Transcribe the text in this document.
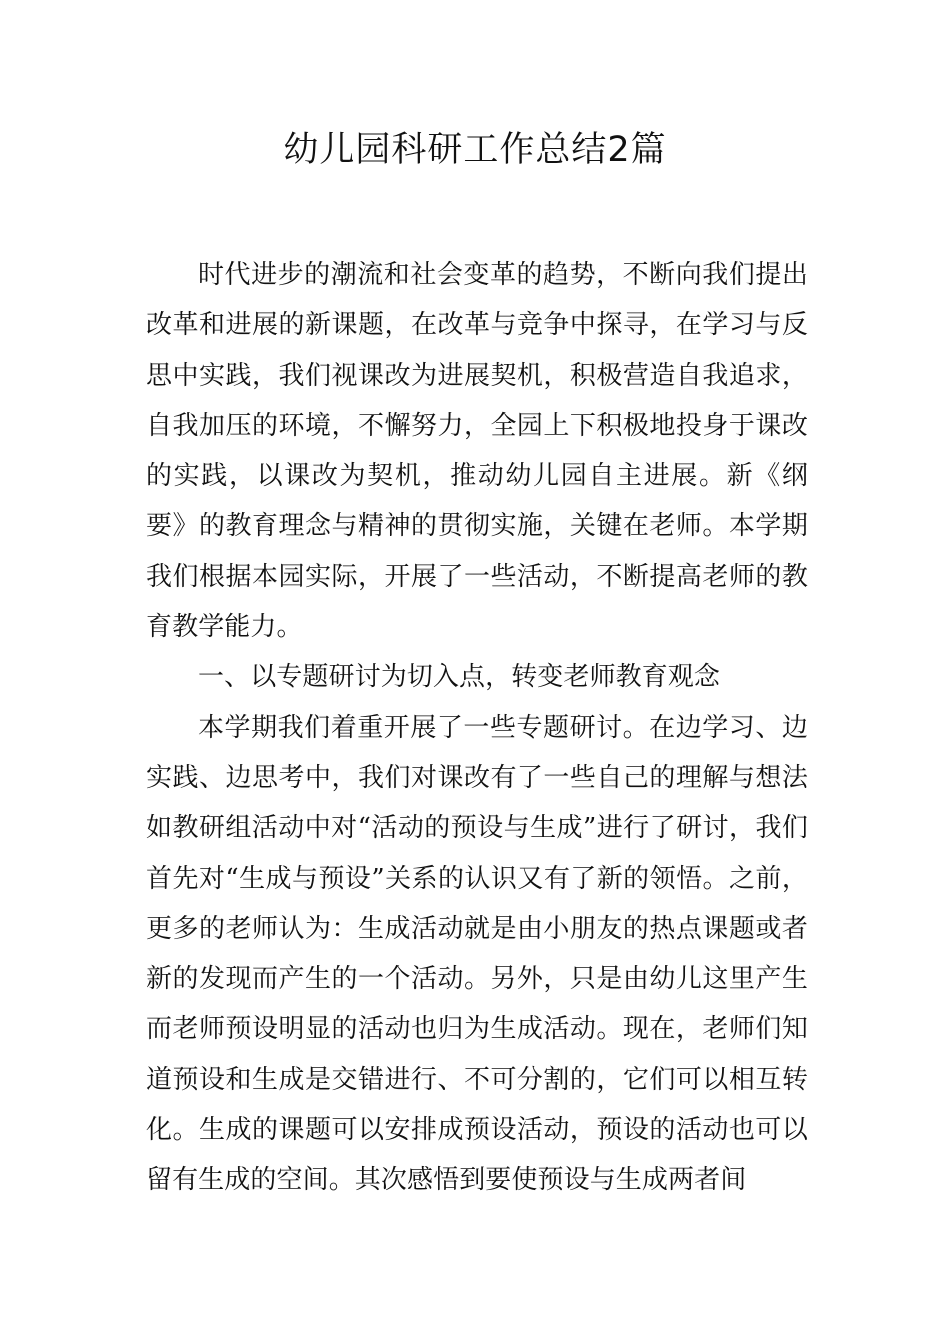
幼儿园科研工作总结2篇

时代进步的潮流和社会变革的趋势，不断向我们提出改革和进展的新课题，在改革与竞争中探寻，在学习与反思中实践，我们视课改为进展契机，积极营造自我追求，自我加压的环境，不懈努力，全园上下积极地投身于课改的实践，以课改为契机，推动幼儿园自主进展。新《纲要》的教育理念与精神的贯彻实施，关键在老师。本学期我们根据本园实际，开展了一些活动，不断提高老师的教育教学能力。

一、以专题研讨为切入点，转变老师教育观念

本学期我们着重开展了一些专题研讨。在边学习、边实践、边思考中，我们对课改有了一些自己的理解与想法 如教研组活动中对“活动的预设与生成”进行了研讨，我们首先对“生成与预设”关系的认识又有了新的领悟。之前，更多的老师认为：生成活动就是由小朋友的热点课题或者新的发现而产生的一个活动。另外，只是由幼儿这里产生而老师预设明显的活动也归为生成活动。现在，老师们知道预设和生成是交错进行、不可分割的，它们可以相互转化。生成的课题可以安排成预设活动，预设的活动也可以留有生成的空间。其次感悟到要使预设与生成两者间
